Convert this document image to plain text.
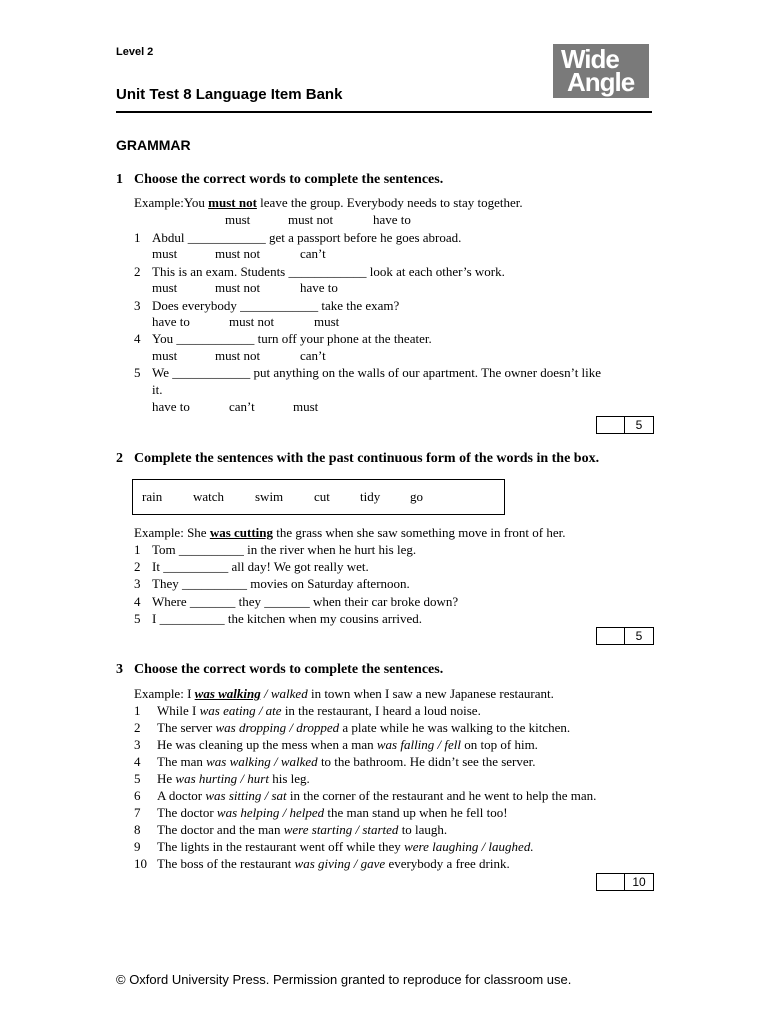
Level 2
Unit Test 8 Language Item Bank
Wide
Angle
GRAMMAR
1 Choose the correct words to complete the sentences.
Example:You must not leave the group. Everybody needs to stay together.
must	must not	have to
1 Abdul ____________ get a passport before he goes abroad.
must	must not	can’t
2 This is an exam. Students ____________ look at each other’s work.
must	must not	have to
3 Does everybody ____________ take the exam?
have to	must not	must
4 You ____________ turn off your phone at the theater.
must	must not	can’t
5 We ____________ put anything on the walls of our apartment. The owner doesn’t like
it.
have to	can’t	must
5
2 Complete the sentences with the past continuous form of the words in the box.
rain watch swim cut tidy go
Example: She was cutting the grass when she saw something move in front of her.
1 Tom __________ in the river when he hurt his leg.
2 It __________ all day! We got really wet.
3 They __________ movies on Saturday afternoon.
4 Where _______ they _______ when their car broke down?
5 I __________ the kitchen when my cousins arrived.
5
3 Choose the correct words to complete the sentences.
Example: I was walking / walked in town when I saw a new Japanese restaurant.
1 While I was eating / ate in the restaurant, I heard a loud noise.
2 The server was dropping / dropped a plate while he was walking to the kitchen.
3 He was cleaning up the mess when a man was falling / fell on top of him.
4 The man was walking / walked to the bathroom. He didn’t see the server.
5 He was hurting / hurt his leg.
6 A doctor was sitting / sat in the corner of the restaurant and he went to help the man.
7 The doctor was helping / helped the man stand up when he fell too!
8 The doctor and the man were starting / started to laugh.
9 The lights in the restaurant went off while they were laughing / laughed.
10 The boss of the restaurant was giving / gave everybody a free drink.
10
© Oxford University Press. Permission granted to reproduce for classroom use.
